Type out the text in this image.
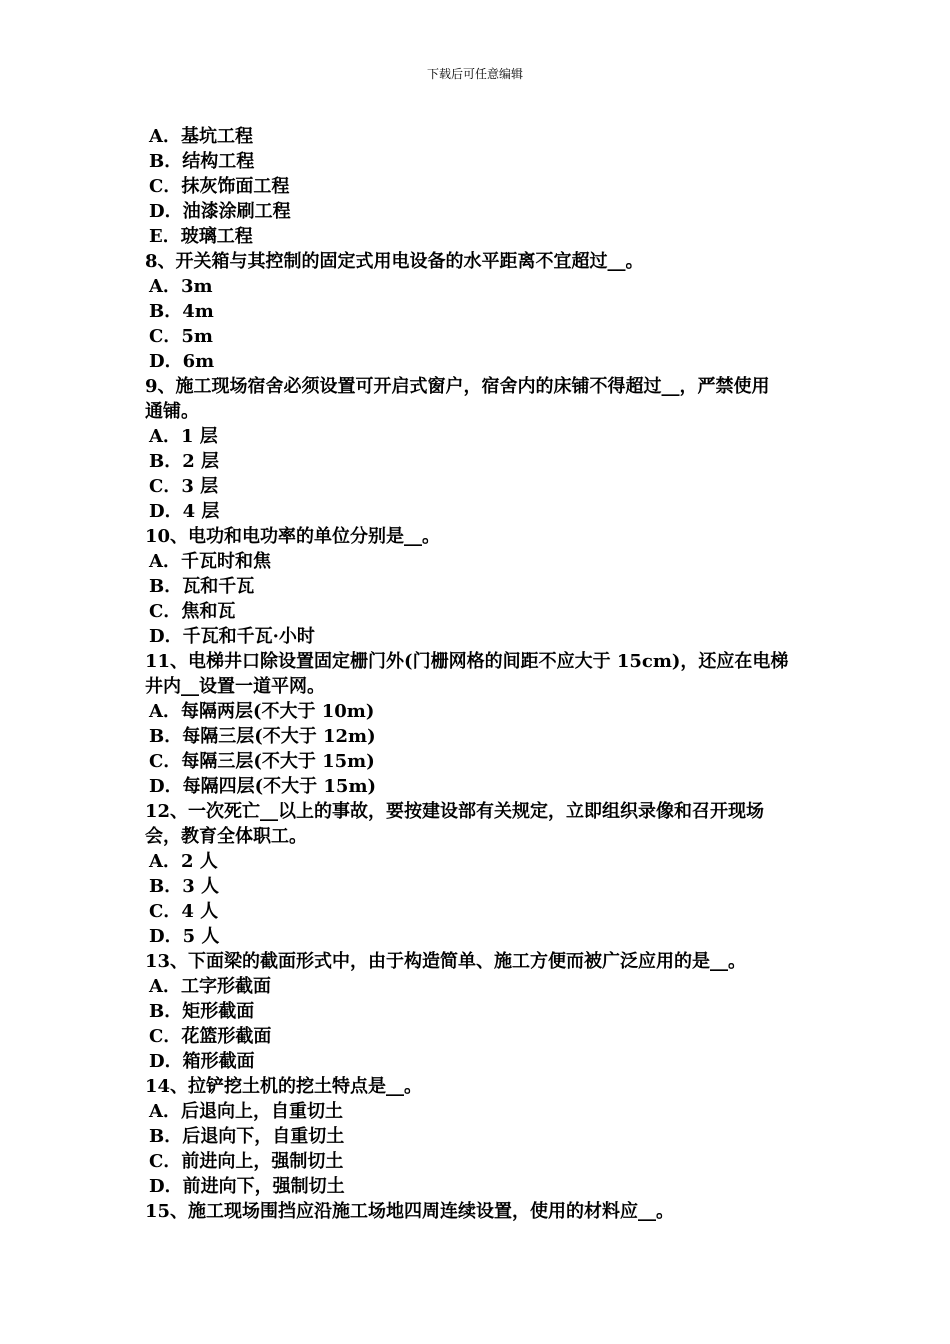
下载后可任意编辑
A．基坑工程
B．结构工程
C．抹灰饰面工程
D．油漆涂刷工程
E．玻璃工程
8、开关箱与其控制的固定式用电设备的水平距离不宜超过__。
A．3m
B．4m
C．5m
D．6m
9、施工现场宿舍必须设置可开启式窗户，宿舍内的床铺不得超过__，严禁使用
通铺。
A．1 层
B．2 层
C．3 层
D．4 层
10、电功和电功率的单位分别是__。
A．千瓦时和焦
B．瓦和千瓦
C．焦和瓦
D．千瓦和千瓦·小时
11、电梯井口除设置固定栅门外(门栅网格的间距不应大于 15cm)，还应在电梯
井内__设置一道平网。
A．每隔两层(不大于 10m)
B．每隔三层(不大于 12m)
C．每隔三层(不大于 15m)
D．每隔四层(不大于 15m)
12、一次死亡__以上的事故，要按建设部有关规定，立即组织录像和召开现场
会，教育全体职工。
A．2 人
B．3 人
C．4 人
D．5 人
13、下面梁的截面形式中，由于构造简单、施工方便而被广泛应用的是__。
A．工字形截面
B．矩形截面
C．花篮形截面
D．箱形截面
14、拉铲挖土机的挖土特点是__。
A．后退向上，自重切土
B．后退向下，自重切土
C．前进向上，强制切土
D．前进向下，强制切土
15、施工现场围挡应沿施工场地四周连续设置，使用的材料应__。
